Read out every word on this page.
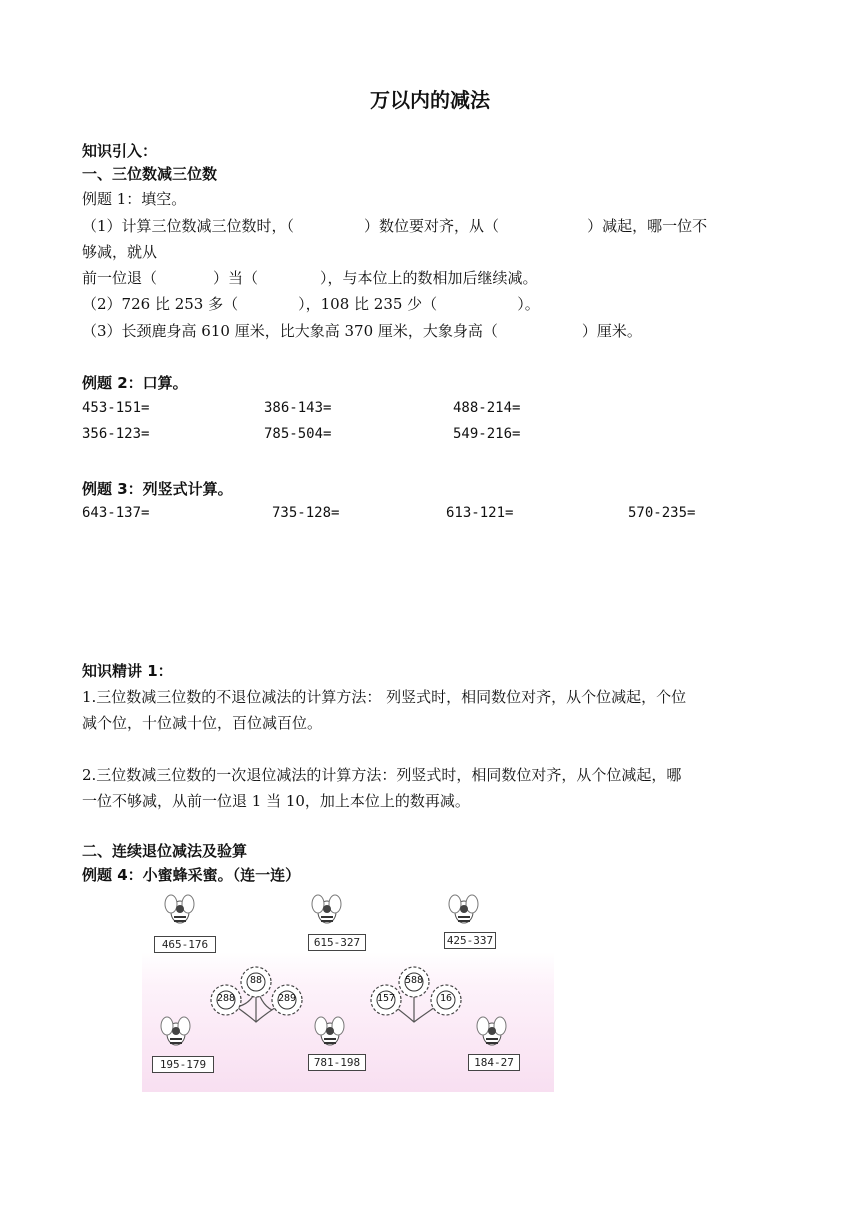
万以内的减法
知识引入：
一、三位数减三位数
例题 1：填空。
（1）计算三位数减三位数时，（	）数位要对齐，从（	）减起，哪一位不
够减，就从
前一位退（	）当（	），与本位上的数相加后继续减。
（2）726 比 253 多（	），108 比 235 少（	）。
（3）长颈鹿身高 610 厘米，比大象高 370 厘米，大象身高（	）厘米。
例题 2：口算。
453-151=	386-143=	488-214=
356-123=	785-504=	549-216=
例题 3：列竖式计算。
643-137=	735-128=	613-121=	570-235=
知识精讲 1：
1.三位数减三位数的不退位减法的计算方法： 列竖式时，相同数位对齐，从个位减起，个位
减个位，十位减十位，百位减百位。
2.三位数减三位数的一次退位减法的计算方法：列竖式时，相同数位对齐，从个位减起，哪
一位不够减，从前一位退 1 当 10，加上本位上的数再减。
二、连续退位减法及验算
例题 4：小蜜蜂采蜜。（连一连）
465-176	615-327	425-337
195-179	781-198	184-27
288
88
289	157
588
16
